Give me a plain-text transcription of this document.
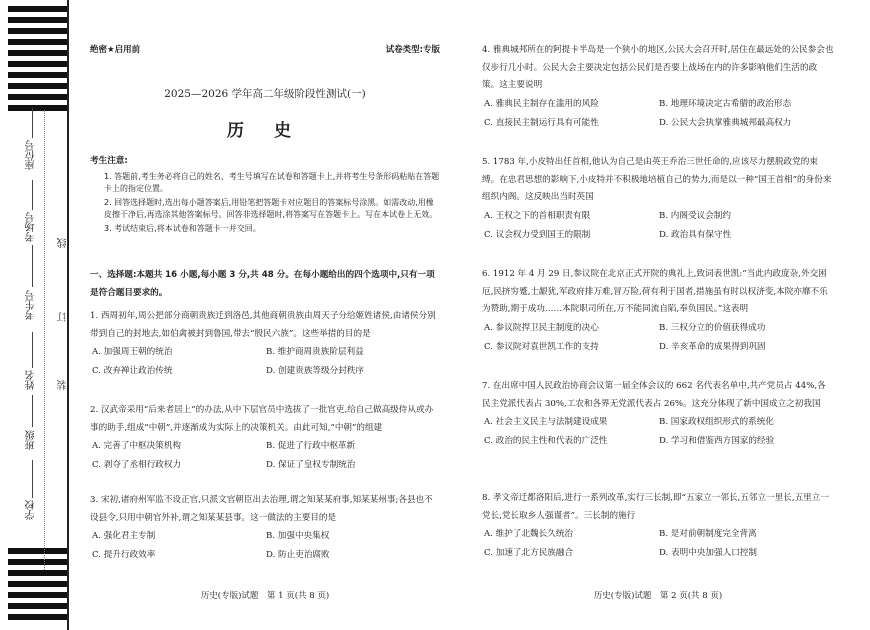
座位号
考场号
考生号
姓名
班级
学校
线
订
装
绝密★启用前	试卷类型:专版
2025—2026 学年高二年级阶段性测试(一)
历 史
考生注意:

1. 答题前,考生务必将自己的姓名、考生号填写在试卷和答题卡上,并将考生号条形码粘贴在答题卡上的指定位置。

2. 回答选择题时,选出每小题答案后,用铅笔把答题卡对应题目的答案标号涂黑。如需改动,用橡皮擦干净后,再选涂其他答案标号。回答非选择题时,将答案写在答题卡上。写在本试卷上无效。

3. 考试结束后,将本试卷和答题卡一并交回。

一、选择题:本题共 16 小题,每小题 3 分,共 48 分。在每小题给出的四个选项中,只有一项是符合题目要求的。
1. 西周初年,周公把部分商朝贵族迁到洛邑,其他商朝贵族由周天子分给姬姓诸侯,由诸侯分别带到自己的封地去,如伯禽被封到鲁国,带去“殷民六族”。这些举措的目的是
A. 加强周王朝的统治	B. 维护商周贵族阶层利益
C. 改弃禅让政治传统	D. 创建贵族等级分封秩序
2. 汉武帝采用“后来者居上”的办法,从中下层官员中选拔了一批官吏,给自己做高级侍从或办事的助手,组成“中朝”,并逐渐成为实际上的决策机关。由此可知,“中朝”的组建
A. 完善了中枢决策机构	B. 促进了行政中枢革新
C. 剥夺了丞相行政权力	D. 保证了皇权专制统治
3. 宋初,诸府州军监不设正官,只派文官朝臣出去治理,谓之知某某府事,知某某州事;各县也不设县令,只用中朝官外补,谓之知某某县事。这一做法的主要目的是
A. 强化君主专制	B. 加强中央集权
C. 提升行政效率	D. 防止吏治腐败
历史(专版)试题　第 1 页(共 8 页)
4. 雅典城邦所在的阿提卡半岛是一个狭小的地区,公民大会召开时,居住在最远处的公民参会也仅步行几小时。公民大会主要决定包括公民们是否要上战场在内的许多影响他们生活的政策。这主要说明
A. 雅典民主制存在滥用的风险	B. 地理环境决定古希腊的政治形态
C. 直接民主制运行具有可能性	D. 公民大会执掌雅典城邦最高权力
5. 1783 年,小皮特出任首相,他认为自己是由英王乔治三世任命的,应该尽力摆脱政党的束缚。在忠君思想的影响下,小皮特并不积极地培植自己的势力,而是以一种“国王首相”的身份来组织内阁。这反映出当时英国
A. 王权之下的首相职责有限	B. 内阁受议会制约
C. 议会权力受到国王的限制	D. 政治具有保守性
6. 1912 年 4 月 29 日,参议院在北京正式开院的典礼上,致词表世凯:“当此内政庞杂,外交困厄,民挤穷蹙,士龈犹,军政府排万难,冒万险,荷有利于国者,措施虽有时以权济变,本院亦靡不乐为赞助,期于成功……本院职司所在,万不能同流自陷,奉负国民。”这表明
A. 参议院捍卫民主制度的决心	B. 三权分立的价值获得成功
C. 参议院对袁世凯工作的支持	D. 辛亥革命的成果得到巩固
7. 在出席中国人民政治协商会议第一届全体会议的 662 名代表名单中,共产党员占 44%,各民主党派代表占 30%,工农和各界无党派代表占 26%。这充分体现了新中国成立之初我国
A. 社会主义民主与法制建设成果	B. 国家政权组织形式的系统化
C. 政治的民主性和代表的广泛性	D. 学习和借鉴西方国家的经验
8. 孝文帝迁都洛阳后,进行一系列改革,实行三长制,即“五家立一邻长,五邻立一里长,五里立一党长,党长取乡人强谨者”。三长制的施行
A. 维护了北魏长久统治	B. 是对前朝制度完全背离
C. 加速了北方民族融合	D. 表明中央加强人口控制
历史(专版)试题　第 2 页(共 8 页)
